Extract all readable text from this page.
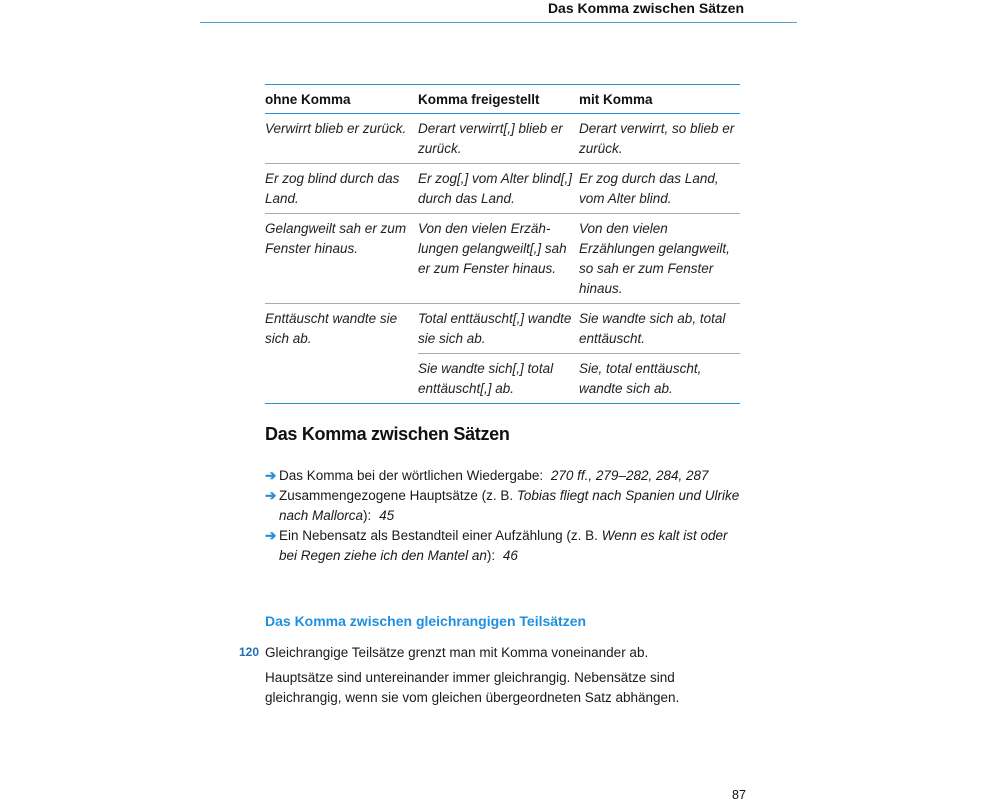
Das Komma zwischen Sätzen
ohne Komma	Komma freigestellt	mit Komma
Verwirrt blieb er zurück.	Derart verwirrt[,] blieb er zurück.	Derart verwirrt, so blieb er zurück.
Er zog blind durch das Land.	Er zog[,] vom Alter blind[,] durch das Land.	Er zog durch das Land, vom Alter blind.
Gelangweilt sah er zum Fenster hinaus.	Von den vielen Erzäh-lungen gelangweilt[,] sah er zum Fenster hinaus.	Von den vielen Erzählungen gelangweilt, so sah er zum Fenster hinaus.
Enttäuscht wandte sie sich ab.	Total enttäuscht[,] wandte sie sich ab.	Sie wandte sich ab, total enttäuscht.
	Sie wandte sich[,] total enttäuscht[,] ab.	Sie, total enttäuscht, wandte sich ab.
Das Komma zwischen Sätzen
➔ Das Komma bei der wörtlichen Wiedergabe: 270 ff., 279–282, 284, 287
➔ Zusammengezogene Hauptsätze (z. B. Tobias fliegt nach Spanien und Ulrike nach Mallorca): 45
➔ Ein Nebensatz als Bestandteil einer Aufzählung (z. B. Wenn es kalt ist oder bei Regen ziehe ich den Mantel an): 46
Das Komma zwischen gleichrangigen Teilsätzen
120 Gleichrangige Teilsätze grenzt man mit Komma voneinander ab.

Hauptsätze sind untereinander immer gleichrangig. Nebensätze sind gleichrangig, wenn sie vom gleichen übergeordneten Satz abhängen.

87
